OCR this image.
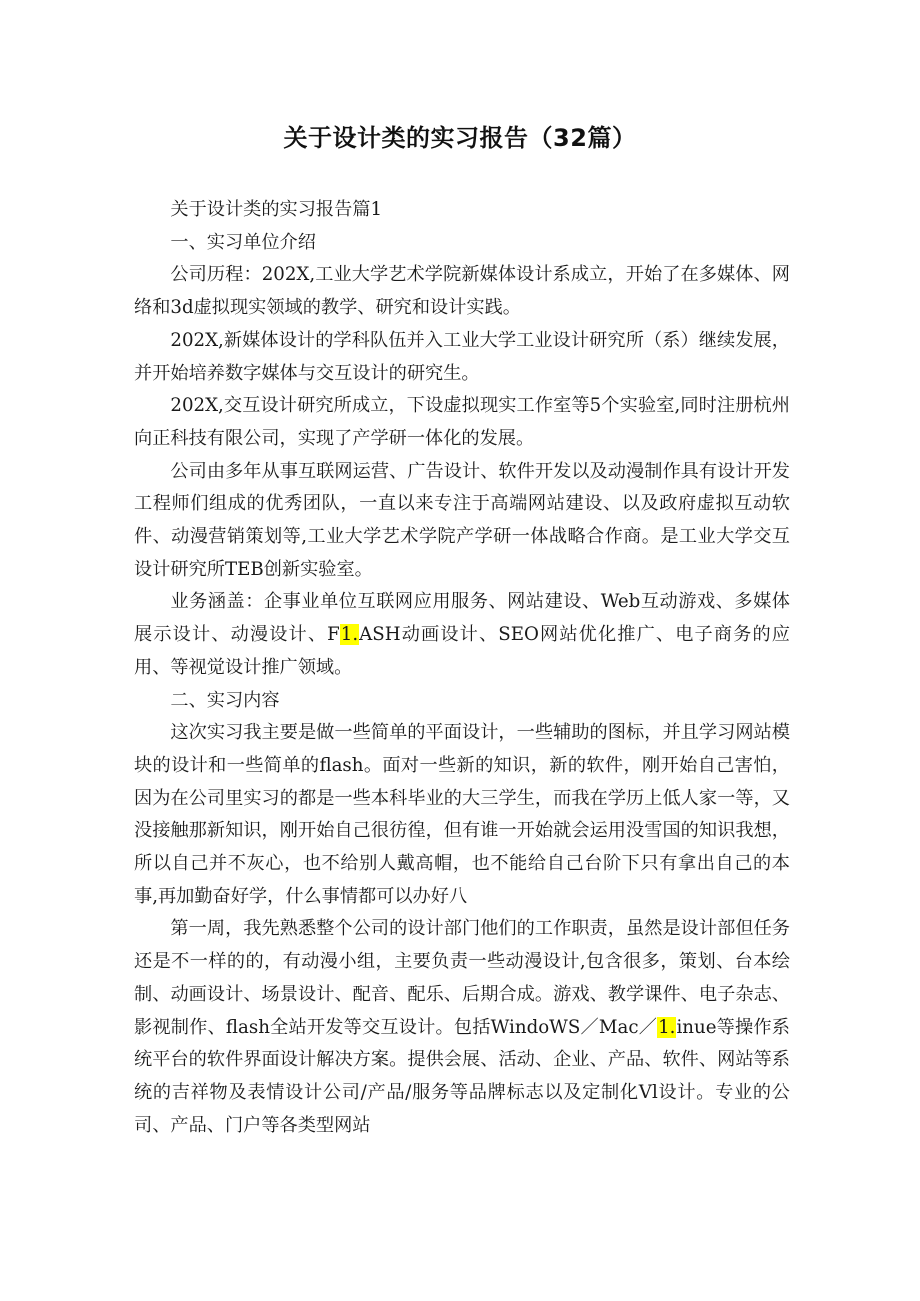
关于设计类的实习报告（32篇）

关于设计类的实习报告篇1

一、实习单位介绍

公司历程：202X,工业大学艺术学院新媒体设计系成立，开始了在多媒体、网络和3d虚拟现实领域的教学、研究和设计实践。

202X,新媒体设计的学科队伍并入工业大学工业设计研究所（系）继续发展，并开始培养数字媒体与交互设计的研究生。

202X,交互设计研究所成立，下设虚拟现实工作室等5个实验室,同时注册杭州向正科技有限公司，实现了产学研一体化的发展。

公司由多年从事互联网运营、广告设计、软件开发以及动漫制作具有设计开发工程师们组成的优秀团队，一直以来专注于高端网站建设、以及政府虚拟互动软件、动漫营销策划等,工业大学艺术学院产学研一体战略合作商。是工业大学交互设计研究所TEB创新实验室。

业务涵盖：企事业单位互联网应用服务、网站建设、Web互动游戏、多媒体展示设计、动漫设计、F1.ASH动画设计、SEO网站优化推广、电子商务的应用、等视觉设计推广领域。

二、实习内容

这次实习我主要是做一些简单的平面设计，一些辅助的图标，并且学习网站模块的设计和一些简单的flash。面对一些新的知识，新的软件，刚开始自己害怕，因为在公司里实习的都是一些本科毕业的大三学生，而我在学历上低人家一等，又没接触那新知识，刚开始自己很彷徨，但有谁一开始就会运用没雪国的知识我想，所以自己并不灰心，也不给别人戴高帽，也不能给自己台阶下只有拿出自己的本事,再加勤奋好学，什么事情都可以办好八

第一周，我先熟悉整个公司的设计部门他们的工作职责，虽然是设计部但任务还是不一样的的，有动漫小组，主要负责一些动漫设计,包含很多，策划、台本绘制、动画设计、场景设计、配音、配乐、后期合成。游戏、教学课件、电子杂志、影视制作、flash全站开发等交互设计。包括WindoWS／Mac／1.inue等操作系统平台的软件界面设计解决方案。提供会展、活动、企业、产品、软件、网站等系统的吉祥物及表情设计公司/产品/服务等品牌标志以及定制化Vl设计。专业的公司、产品、门户等各类型网站
